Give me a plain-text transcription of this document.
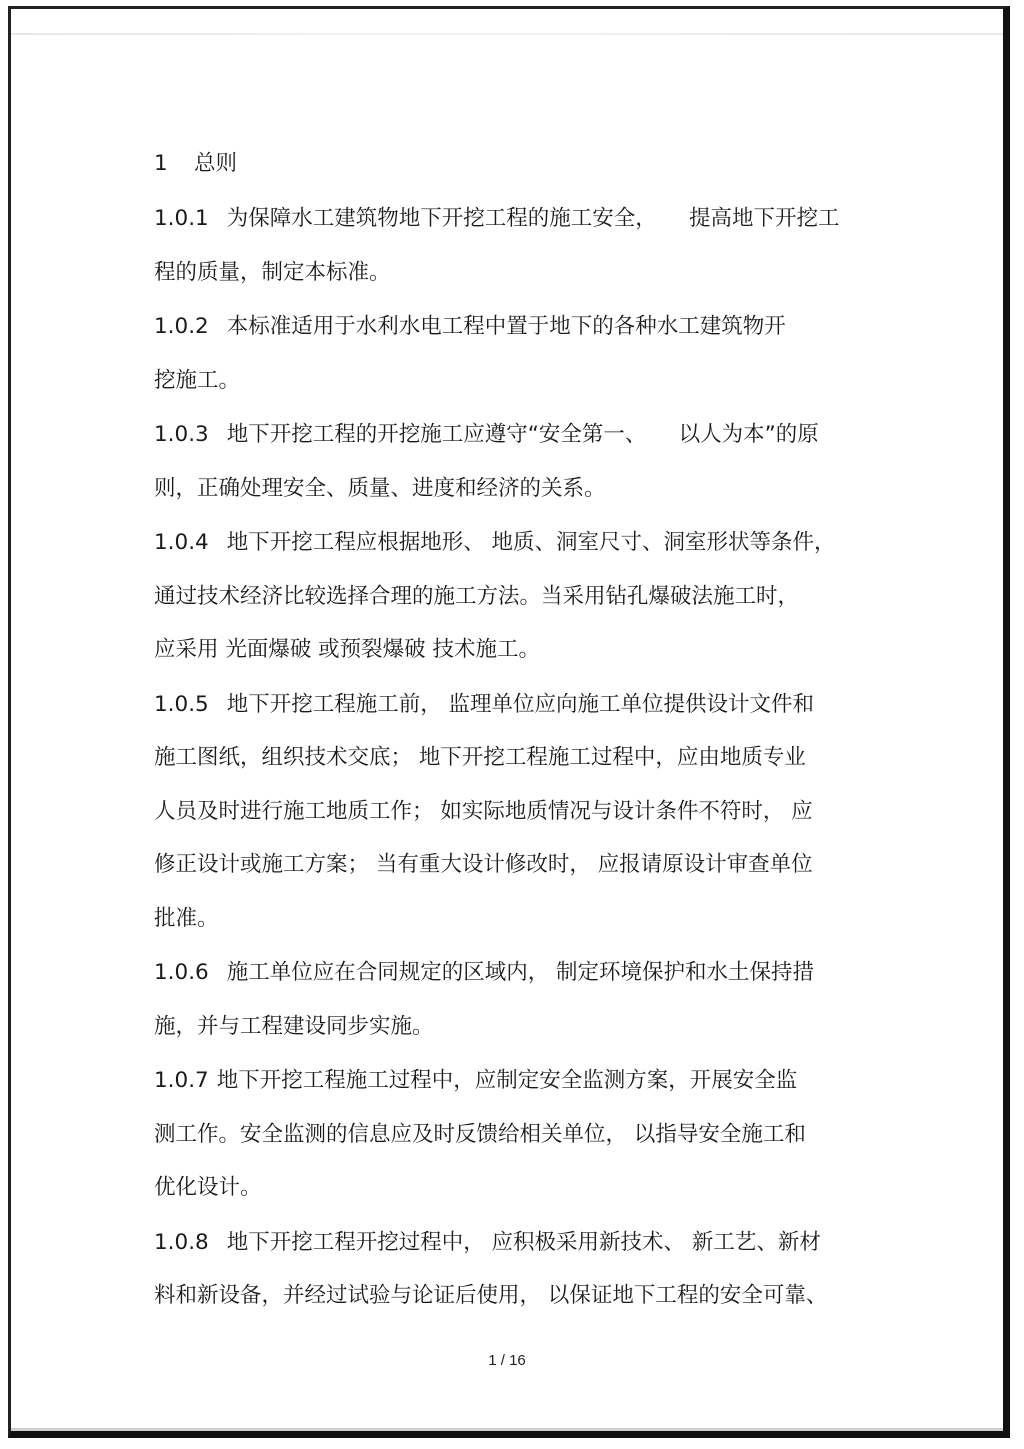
1 总则
1.0.1 为保障水工建筑物地下开挖工程的施工安全，　　提高地下开挖工
程的质量，制定本标准。
1.0.2 本标准适用于水利水电工程中置于地下的各种水工建筑物开
挖施工。
1.0.3 地下开挖工程的开挖施工应遵守“安全第一、　　以人为本”的原
则，正确处理安全、质量、进度和经济的关系。
1.0.4 地下开挖工程应根据地形、 地质、洞室尺寸、洞室形状等条件，
通过技术经济比较选择合理的施工方法。当采用钻孔爆破法施工时，
应采用 光面爆破 或预裂爆破 技术施工。
1.0.5 地下开挖工程施工前， 监理单位应向施工单位提供设计文件和
施工图纸，组织技术交底； 地下开挖工程施工过程中，应由地质专业
人员及时进行施工地质工作； 如实际地质情况与设计条件不符时， 应
修正设计或施工方案； 当有重大设计修改时， 应报请原设计审查单位
批准。
1.0.6 施工单位应在合同规定的区域内， 制定环境保护和水土保持措
施，并与工程建设同步实施。
1.0.7 地下开挖工程施工过程中，应制定安全监测方案，开展安全监
测工作。安全监测的信息应及时反馈给相关单位， 以指导安全施工和
优化设计。
1.0.8 地下开挖工程开挖过程中， 应积极采用新技术、 新工艺、新材
料和新设备，并经过试验与论证后使用， 以保证地下工程的安全可靠、
1 / 16
